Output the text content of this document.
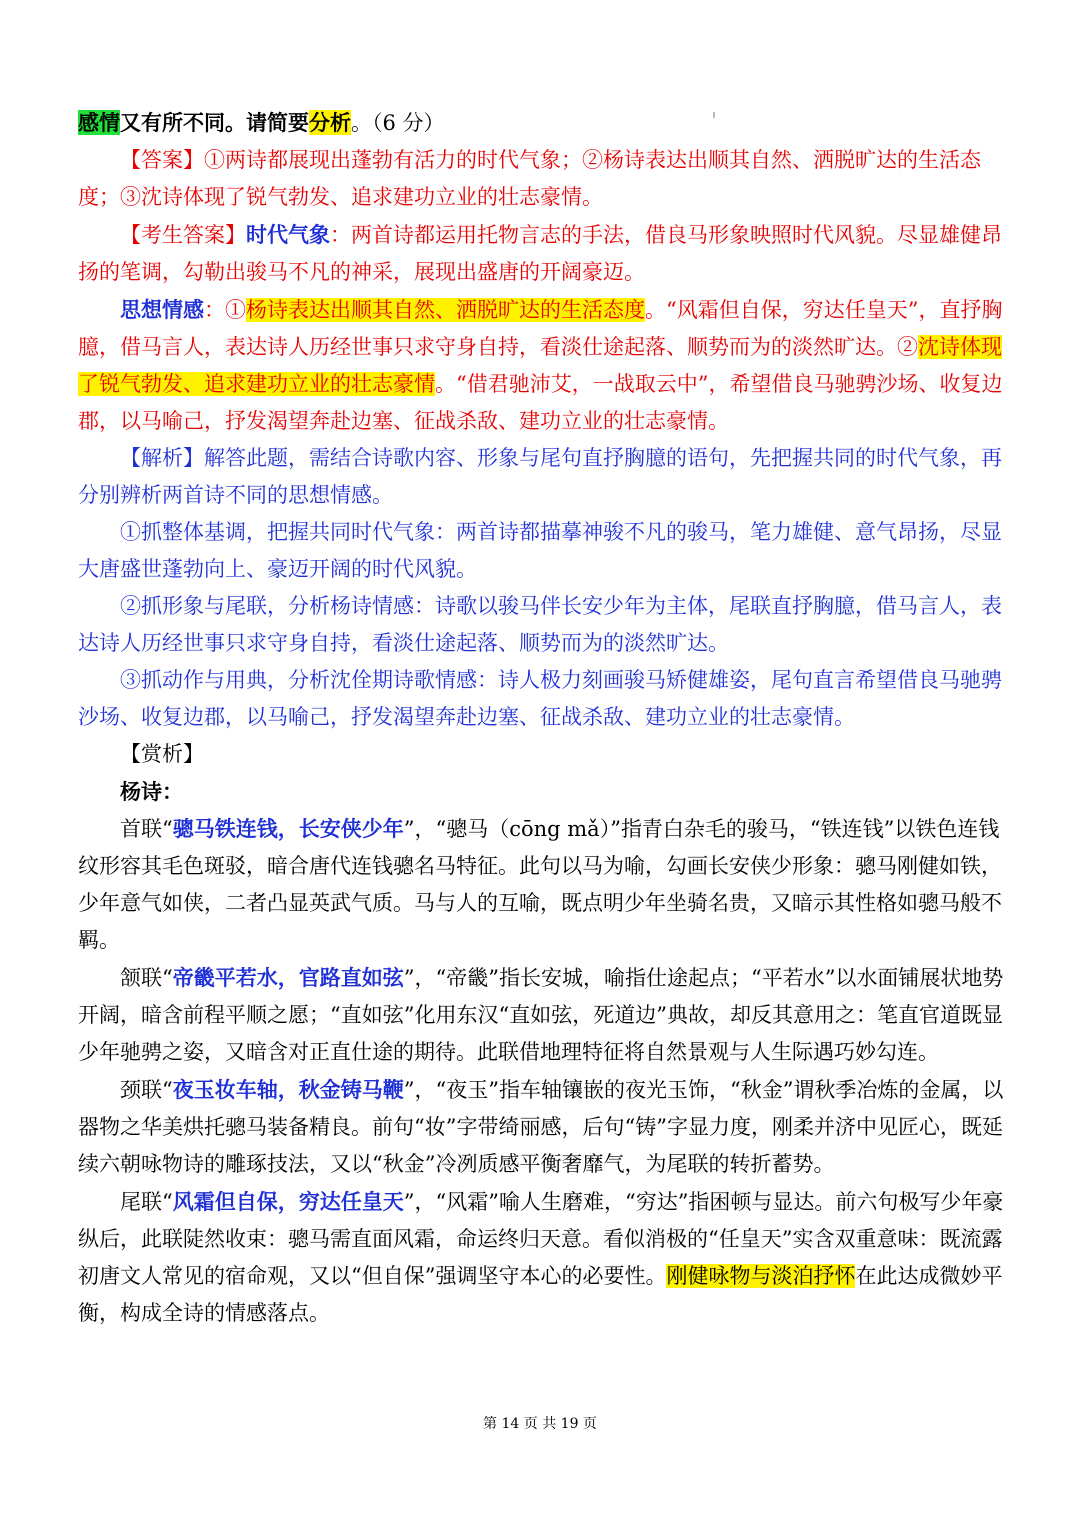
感情又有所不同。请简要分析。（6 分）

【答案】①两诗都展现出蓬勃有活力的时代气象；②杨诗表达出顺其自然、洒脱旷达的生活态度；③沈诗体现了锐气勃发、追求建功立业的壮志豪情。

【考生答案】时代气象：两首诗都运用托物言志的手法，借良马形象映照时代风貌。尽显雄健昂扬的笔调，勾勒出骏马不凡的神采，展现出盛唐的开阔豪迈。

思想情感：①杨诗表达出顺其自然、洒脱旷达的生活态度。“风霜但自保，穷达任皇天”，直抒胸臆，借马言人，表达诗人历经世事只求守身自持，看淡仕途起落、顺势而为的淡然旷达。②沈诗体现了锐气勃发、追求建功立业的壮志豪情。“借君驰沛艾，一战取云中”，希望借良马驰骋沙场、收复边郡，以马喻己，抒发渴望奔赴边塞、征战杀敌、建功立业的壮志豪情。

【解析】解答此题，需结合诗歌内容、形象与尾句直抒胸臆的语句，先把握共同的时代气象，再分别辨析两首诗不同的思想情感。

①抓整体基调，把握共同时代气象：两首诗都描摹神骏不凡的骏马，笔力雄健、意气昂扬，尽显大唐盛世蓬勃向上、豪迈开阔的时代风貌。

②抓形象与尾联，分析杨诗情感：诗歌以骏马伴长安少年为主体，尾联直抒胸臆，借马言人，表达诗人历经世事只求守身自持，看淡仕途起落、顺势而为的淡然旷达。

③抓动作与用典，分析沈佺期诗歌情感：诗人极力刻画骏马矫健雄姿，尾句直言希望借良马驰骋沙场、收复边郡，以马喻己，抒发渴望奔赴边塞、征战杀敌、建功立业的壮志豪情。

【赏析】

杨诗：

首联“骢马铁连钱，长安侠少年”，“骢马（cōng mǎ）”指青白杂毛的骏马，“铁连钱”以铁色连钱纹形容其毛色斑驳，暗合唐代连钱骢名马特征。此句以马为喻，勾画长安侠少形象：骢马刚健如铁，少年意气如侠，二者凸显英武气质。马与人的互喻，既点明少年坐骑名贵，又暗示其性格如骢马般不羁。

颔联“帝畿平若水，官路直如弦”，“帝畿”指长安城，喻指仕途起点；“平若水”以水面铺展状地势开阔，暗含前程平顺之愿；“直如弦”化用东汉“直如弦，死道边”典故，却反其意用之：笔直官道既显少年驰骋之姿，又暗含对正直仕途的期待。此联借地理特征将自然景观与人生际遇巧妙勾连。

颈联“夜玉妆车轴，秋金铸马鞭”，“夜玉”指车轴镶嵌的夜光玉饰，“秋金”谓秋季冶炼的金属，以器物之华美烘托骢马装备精良。前句“妆”字带绮丽感，后句“铸”字显力度，刚柔并济中见匠心，既延续六朝咏物诗的雕琢技法，又以“秋金”冷冽质感平衡奢靡气，为尾联的转折蓄势。

尾联“风霜但自保，穷达任皇天”，“风霜”喻人生磨难，“穷达”指困顿与显达。前六句极写少年豪纵后，此联陡然收束：骢马需直面风霜，命运终归天意。看似消极的“任皇天”实含双重意味：既流露初唐文人常见的宿命观，又以“但自保”强调坚守本心的必要性。刚健咏物与淡泊抒怀在此达成微妙平衡，构成全诗的情感落点。

第 14 页 共 19 页
